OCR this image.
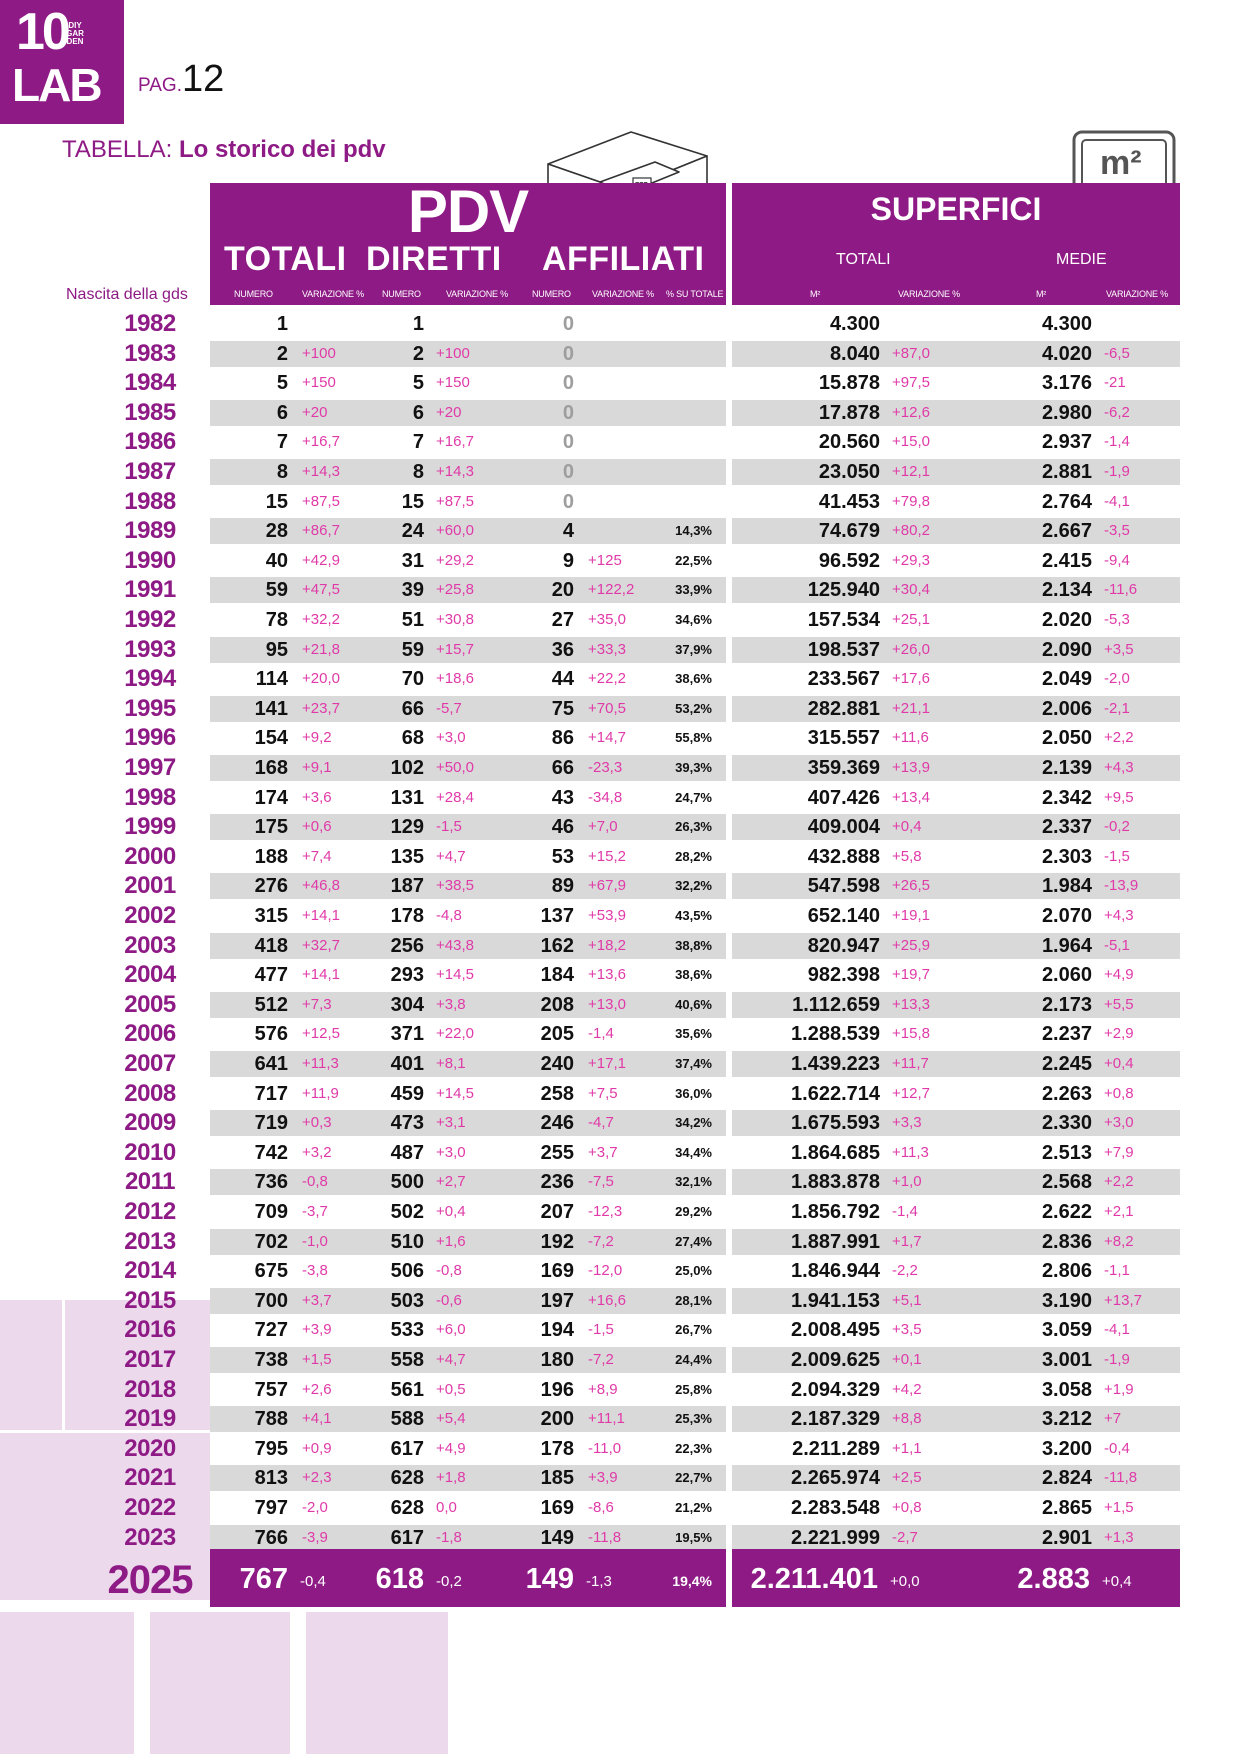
10 DIY GAR DEN
LAB PAG.12
TABELLA: Lo storico dei pdv	m²
PDV
TOTALI DIRETTI AFFILIATI
NUMERO	VARIAZIONE % NUMERO	VARIAZIONE %	NUMERO VARIAZIONE % % SU TOTALE
SUPERFICI
TOTALI	MEDIE
M²	VARIAZIONE %	M²	VARIAZIONE %
Nascita della gds
1982	1	1	0	4.300	4.300
1983	2 +100	2 +100	0	8.040 +87,0	4.020 -6,5
1984	5 +150	5 +150	0	15.878 +97,5	3.176 -21
1985	6 +20	6 +20	0	17.878 +12,6	2.980 -6,2
1986	7 +16,7	7 +16,7	0	20.560 +15,0	2.937 -1,4
1987	8 +14,3	8 +14,3	0	23.050 +12,1	2.881 -1,9
1988	15 +87,5	15 +87,5	0	41.453 +79,8	2.764 -4,1
1989	28 +86,7	24 +60,0	4	14,3%	74.679 +80,2	2.667 -3,5
1990	40 +42,9	31 +29,2	9 +125	22,5%	96.592 +29,3	2.415 -9,4
1991	59 +47,5	39 +25,8	20 +122,2	33,9%	125.940 +30,4	2.134 -11,6
1992	78 +32,2	51 +30,8	27 +35,0	34,6%	157.534 +25,1	2.020 -5,3
1993	95 +21,8	59 +15,7	36 +33,3	37,9%	198.537 +26,0	2.090 +3,5
1994	114 +20,0	70 +18,6	44 +22,2	38,6%	233.567 +17,6	2.049 -2,0
1995	141 +23,7	66 -5,7	75 +70,5	53,2%	282.881 +21,1	2.006 -2,1
1996	154 +9,2	68 +3,0	86 +14,7	55,8%	315.557 +11,6	2.050 +2,2
1997	168 +9,1	102 +50,0	66 -23,3	39,3%	359.369 +13,9	2.139 +4,3
1998	174 +3,6	131 +28,4	43 -34,8	24,7%	407.426 +13,4	2.342 +9,5
1999	175 +0,6	129 -1,5	46 +7,0	26,3%	409.004 +0,4	2.337 -0,2
2000	188 +7,4	135 +4,7	53 +15,2	28,2%	432.888 +5,8	2.303 -1,5
2001	276 +46,8	187 +38,5	89 +67,9	32,2%	547.598 +26,5	1.984 -13,9
2002	315 +14,1	178 -4,8	137 +53,9	43,5%	652.140 +19,1	2.070 +4,3
2003	418 +32,7	256 +43,8	162 +18,2	38,8%	820.947 +25,9	1.964 -5,1
2004	477 +14,1	293 +14,5	184 +13,6	38,6%	982.398 +19,7	2.060 +4,9
2005	512 +7,3	304 +3,8	208 +13,0	40,6%	1.112.659 +13,3	2.173 +5,5
2006	576 +12,5	371 +22,0	205 -1,4	35,6%	1.288.539 +15,8	2.237 +2,9
2007	641 +11,3	401 +8,1	240 +17,1	37,4%	1.439.223 +11,7	2.245 +0,4
2008	717 +11,9	459 +14,5	258 +7,5	36,0%	1.622.714 +12,7	2.263 +0,8
2009	719 +0,3	473 +3,1	246 -4,7	34,2%	1.675.593 +3,3	2.330 +3,0
2010	742 +3,2	487 +3,0	255 +3,7	34,4%	1.864.685 +11,3	2.513 +7,9
2011	736 -0,8	500 +2,7	236 -7,5	32,1%	1.883.878 +1,0	2.568 +2,2
2012	709 -3,7	502 +0,4	207 -12,3	29,2%	1.856.792 -1,4	2.622 +2,1
2013	702 -1,0	510 +1,6	192 -7,2	27,4%	1.887.991 +1,7	2.836 +8,2
2014	675 -3,8	506 -0,8	169 -12,0	25,0%	1.846.944 -2,2	2.806 -1,1
2015	700 +3,7	503 -0,6	197 +16,6	28,1%	1.941.153 +5,1	3.190 +13,7
2016	727 +3,9	533 +6,0	194 -1,5	26,7%	2.008.495 +3,5	3.059 -4,1
2017	738 +1,5	558 +4,7	180 -7,2	24,4%	2.009.625 +0,1	3.001 -1,9
2018	757 +2,6	561 +0,5	196 +8,9	25,8%	2.094.329 +4,2	3.058 +1,9
2019	788 +4,1	588 +5,4	200 +11,1	25,3%	2.187.329 +8,8	3.212 +7
2020	795 +0,9	617 +4,9	178 -11,0	22,3%	2.211.289 +1,1	3.200 -0,4
2021	813 +2,3	628 +1,8	185 +3,9	22,7%	2.265.974 +2,5	2.824 -11,8
2022	797 -2,0	628 0,0	169 -8,6	21,2%	2.283.548 +0,8	2.865 +1,5
2023	766 -3,9	617 -1,8	149 -11,8	19,5%	2.221.999 -2,7	2.901 +1,3
2025	767 -0,4	618 -0,2	149 -1,3	19,4%	2.211.401 +0,0	2.883 +0,4
